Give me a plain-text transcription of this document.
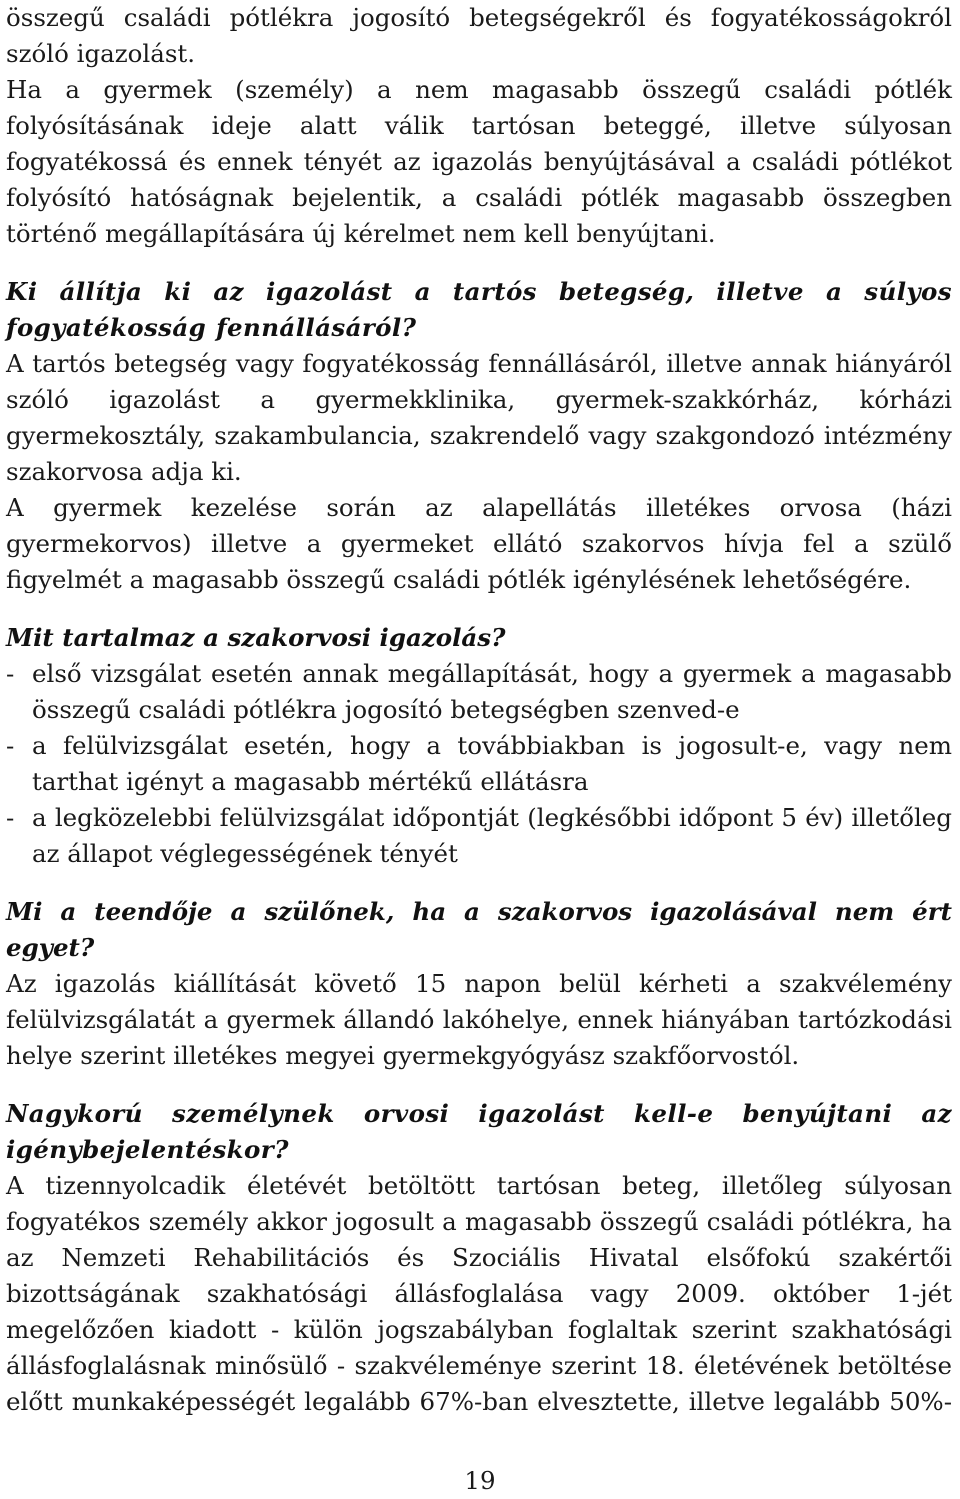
összegű családi pótlékra jogosító betegségekről és fogyatékosságokról szóló igazolást.

Ha a gyermek (személy) a nem magasabb összegű családi pótlék folyósításának ideje alatt válik tartósan beteggé, illetve súlyosan fogyatékossá és ennek tényét az igazolás benyújtásával a családi pótlékot folyósító hatóságnak bejelentik, a családi pótlék magasabb összegben történő megállapítására új kérelmet nem kell benyújtani.

Ki állítja ki az igazolást a tartós betegség, illetve a súlyos fogyatékosság fennállásáról?

A tartós betegség vagy fogyatékosság fennállásáról, illetve annak hiányáról szóló igazolást a gyermekklinika, gyermek-szakkórház, kórházi gyermekosztály, szakambulancia, szakrendelő vagy szakgondozó intézmény szakorvosa adja ki.

A gyermek kezelése során az alapellátás illetékes orvosa (házi gyermekorvos) illetve a gyermeket ellátó szakorvos hívja fel a szülő figyelmét a magasabb összegű családi pótlék igénylésének lehetőségére.

Mit tartalmaz a szakorvosi igazolás?

- első vizsgálat esetén annak megállapítását, hogy a gyermek a magasabb összegű családi pótlékra jogosító betegségben szenved-e
- a felülvizsgálat esetén, hogy a továbbiakban is jogosult-e, vagy nem tarthat igényt a magasabb mértékű ellátásra
- a legközelebbi felülvizsgálat időpontját (legkésőbbi időpont 5 év) illetőleg az állapot véglegességének tényét

Mi a teendője a szülőnek, ha a szakorvos igazolásával nem ért egyet?

Az igazolás kiállítását követő 15 napon belül kérheti a szakvélemény felülvizsgálatát a gyermek állandó lakóhelye, ennek hiányában tartózkodási helye szerint illetékes megyei gyermekgyógyász szakfőorvostól.

Nagykorú személynek orvosi igazolást kell-e benyújtani az igénybejelentéskor?

A tizennyolcadik életévét betöltött tartósan beteg, illetőleg súlyosan fogyatékos személy akkor jogosult a magasabb összegű családi pótlékra, ha az Nemzeti Rehabilitációs és Szociális Hivatal elsőfokú szakértői bizottságának szakhatósági állásfoglalása vagy 2009. október 1-jét megelőzően kiadott - külön jogszabályban foglaltak szerint szakhatósági állásfoglalásnak minősülő - szakvéleménye szerint 18. életévének betöltése előtt munkaképességét legalább 67%-ban elvesztette, illetve legalább 50%-

19
